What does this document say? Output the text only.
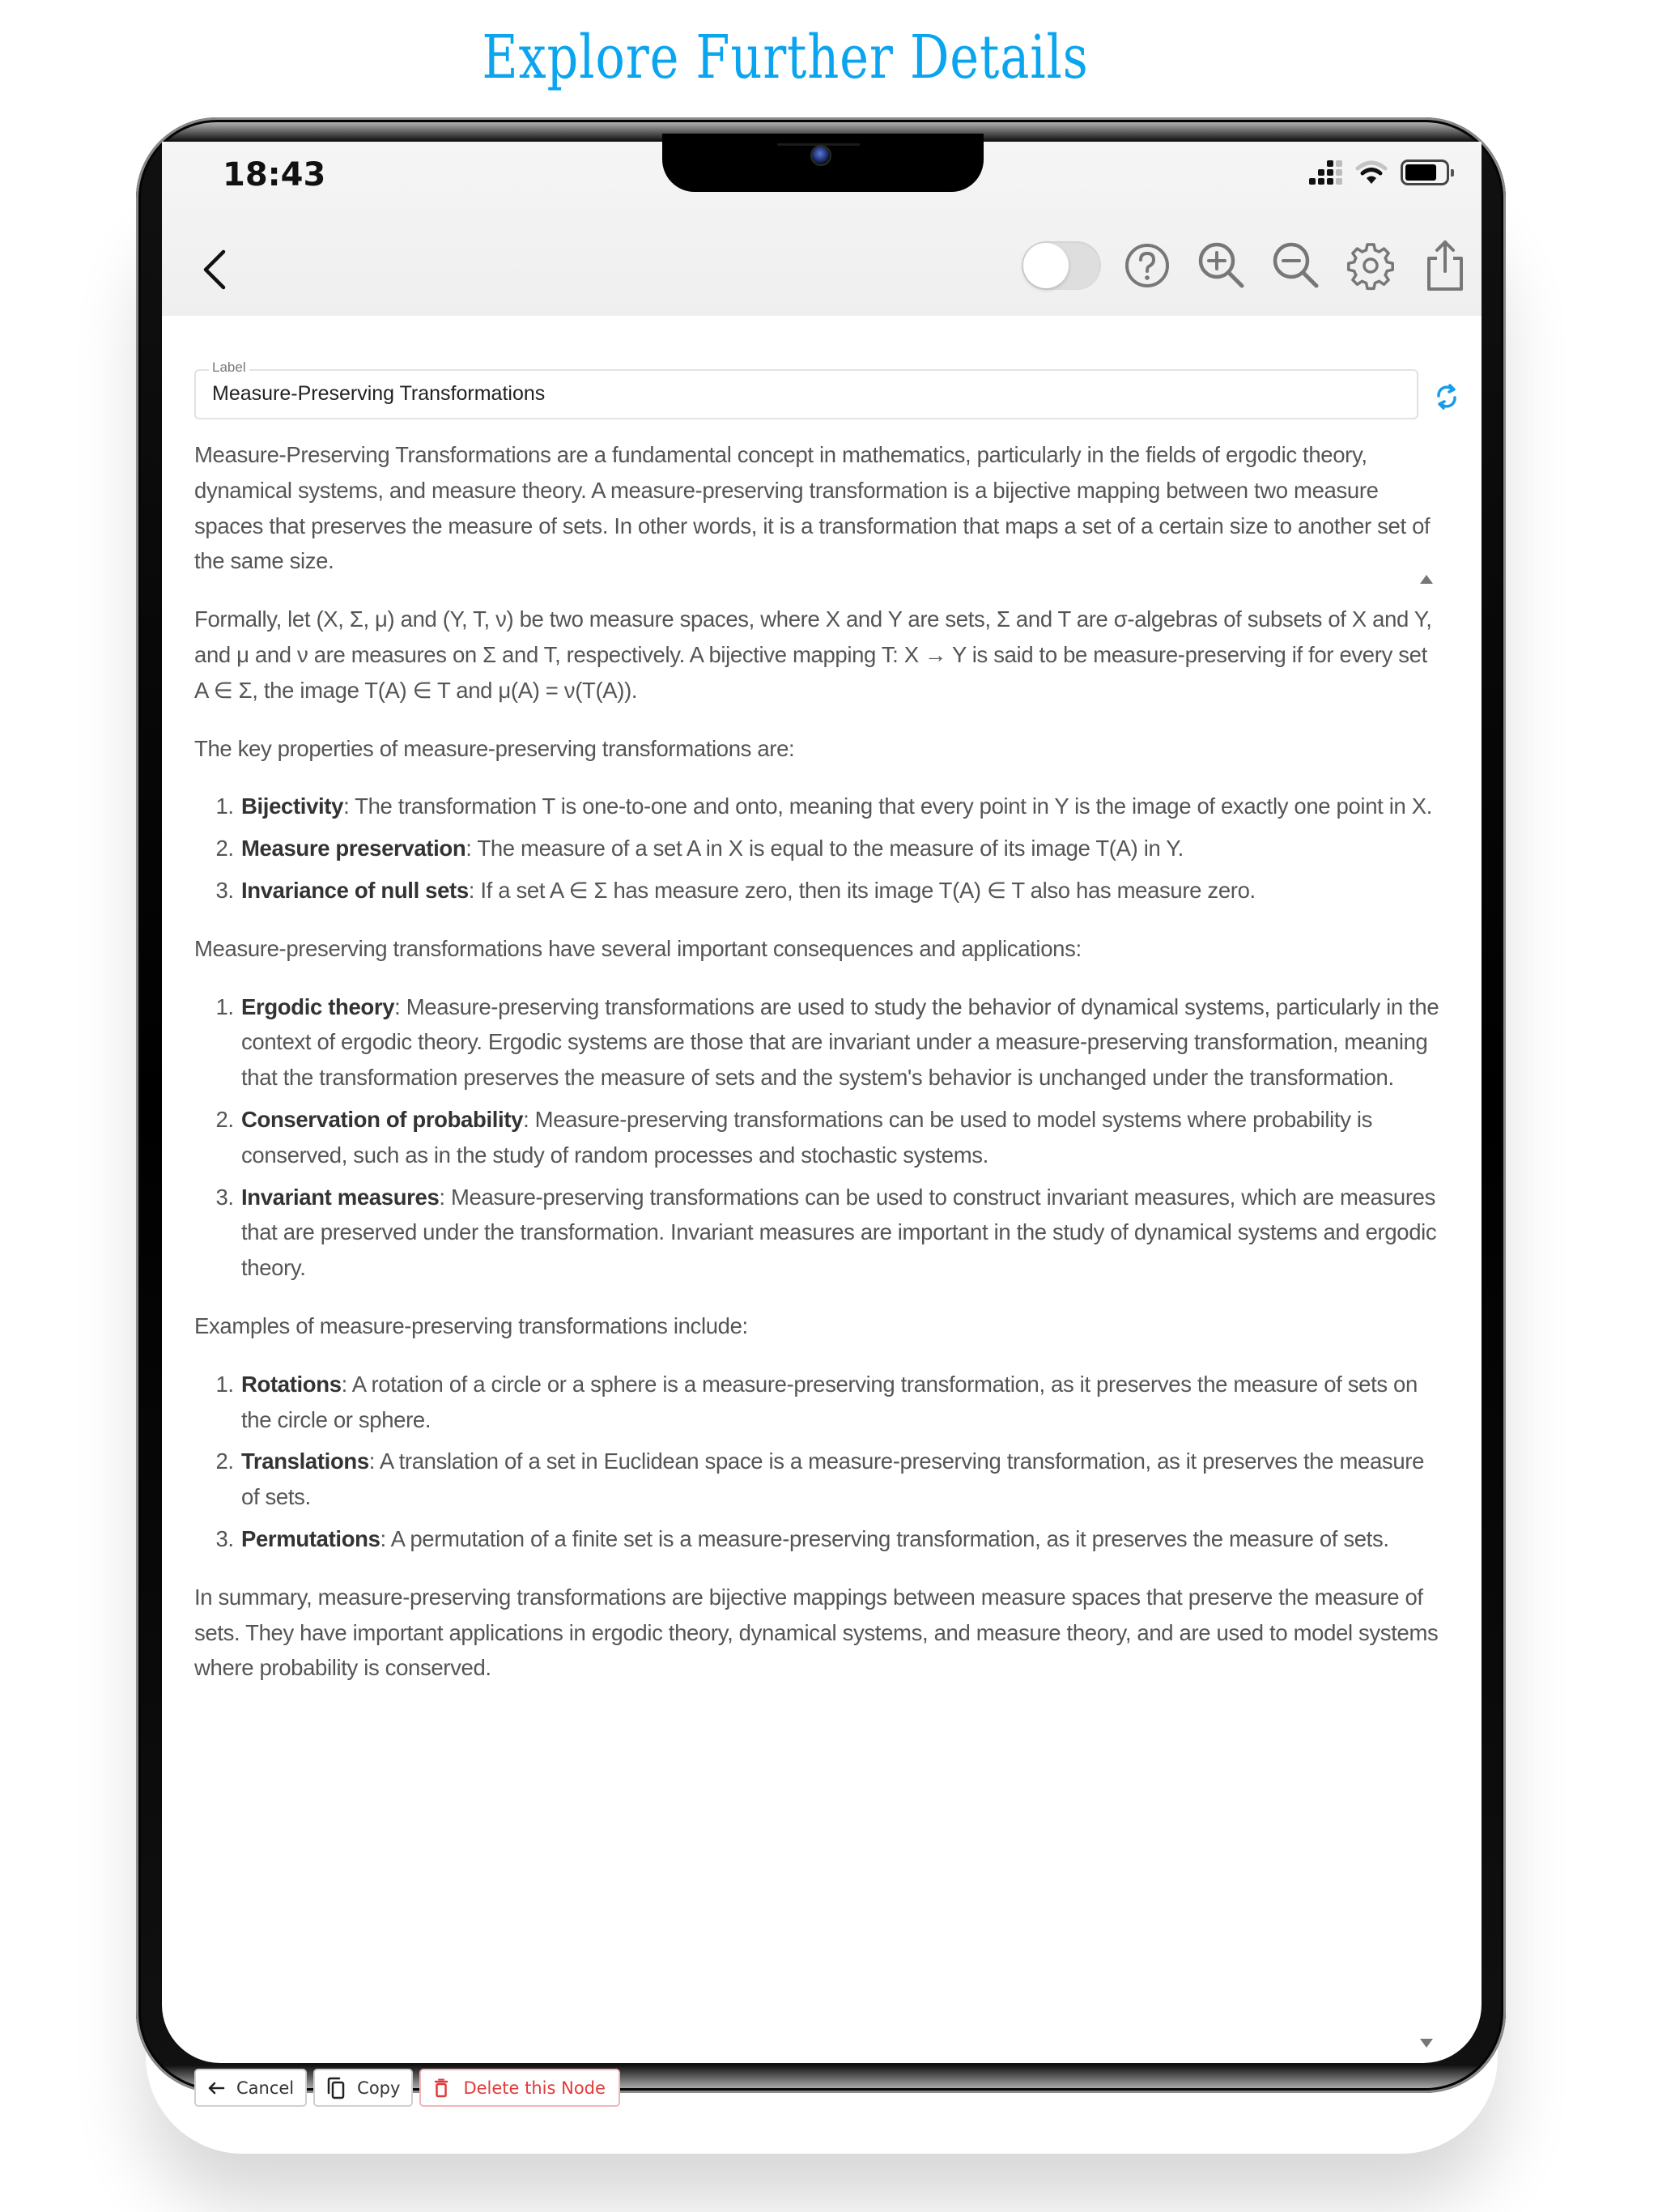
Explore Further Details
18:43
Label
Measure-Preserving Transformations

Measure-Preserving Transformations are a fundamental concept in mathematics, particularly in the fields of ergodic theory, dynamical systems, and measure theory. A measure-preserving transformation is a bijective mapping between two measure spaces that preserves the measure of sets. In other words, it is a transformation that maps a set of a certain size to another set of the same size.

Formally, let (X, Σ, μ) and (Y, T, ν) be two measure spaces, where X and Y are sets, Σ and T are σ-algebras of subsets of X and Y, and μ and ν are measures on Σ and T, respectively. A bijective mapping T: X → Y is said to be measure-preserving if for every set A ∈ Σ, the image T(A) ∈ T and μ(A) = ν(T(A)).

The key properties of measure-preserving transformations are:

1. Bijectivity: The transformation T is one-to-one and onto, meaning that every point in Y is the image of exactly one point in X.
2. Measure preservation: The measure of a set A in X is equal to the measure of its image T(A) in Y.
3. Invariance of null sets: If a set A ∈ Σ has measure zero, then its image T(A) ∈ T also has measure zero.

Measure-preserving transformations have several important consequences and applications:

1. Ergodic theory: Measure-preserving transformations are used to study the behavior of dynamical systems, particularly in the context of ergodic theory. Ergodic systems are those that are invariant under a measure-preserving transformation, meaning that the transformation preserves the measure of sets and the system's behavior is unchanged under the transformation.
2. Conservation of probability: Measure-preserving transformations can be used to model systems where probability is conserved, such as in the study of random processes and stochastic systems.
3. Invariant measures: Measure-preserving transformations can be used to construct invariant measures, which are measures that are preserved under the transformation. Invariant measures are important in the study of dynamical systems and ergodic theory.

Examples of measure-preserving transformations include:

1. Rotations: A rotation of a circle or a sphere is a measure-preserving transformation, as it preserves the measure of sets on the circle or sphere.
2. Translations: A translation of a set in Euclidean space is a measure-preserving transformation, as it preserves the measure of sets.
3. Permutations: A permutation of a finite set is a measure-preserving transformation, as it preserves the measure of sets.

In summary, measure-preserving transformations are bijective mappings between measure spaces that preserve the measure of sets. They have important applications in ergodic theory, dynamical systems, and measure theory, and are used to model systems where probability is conserved.

Cancel	Copy	Delete this Node
